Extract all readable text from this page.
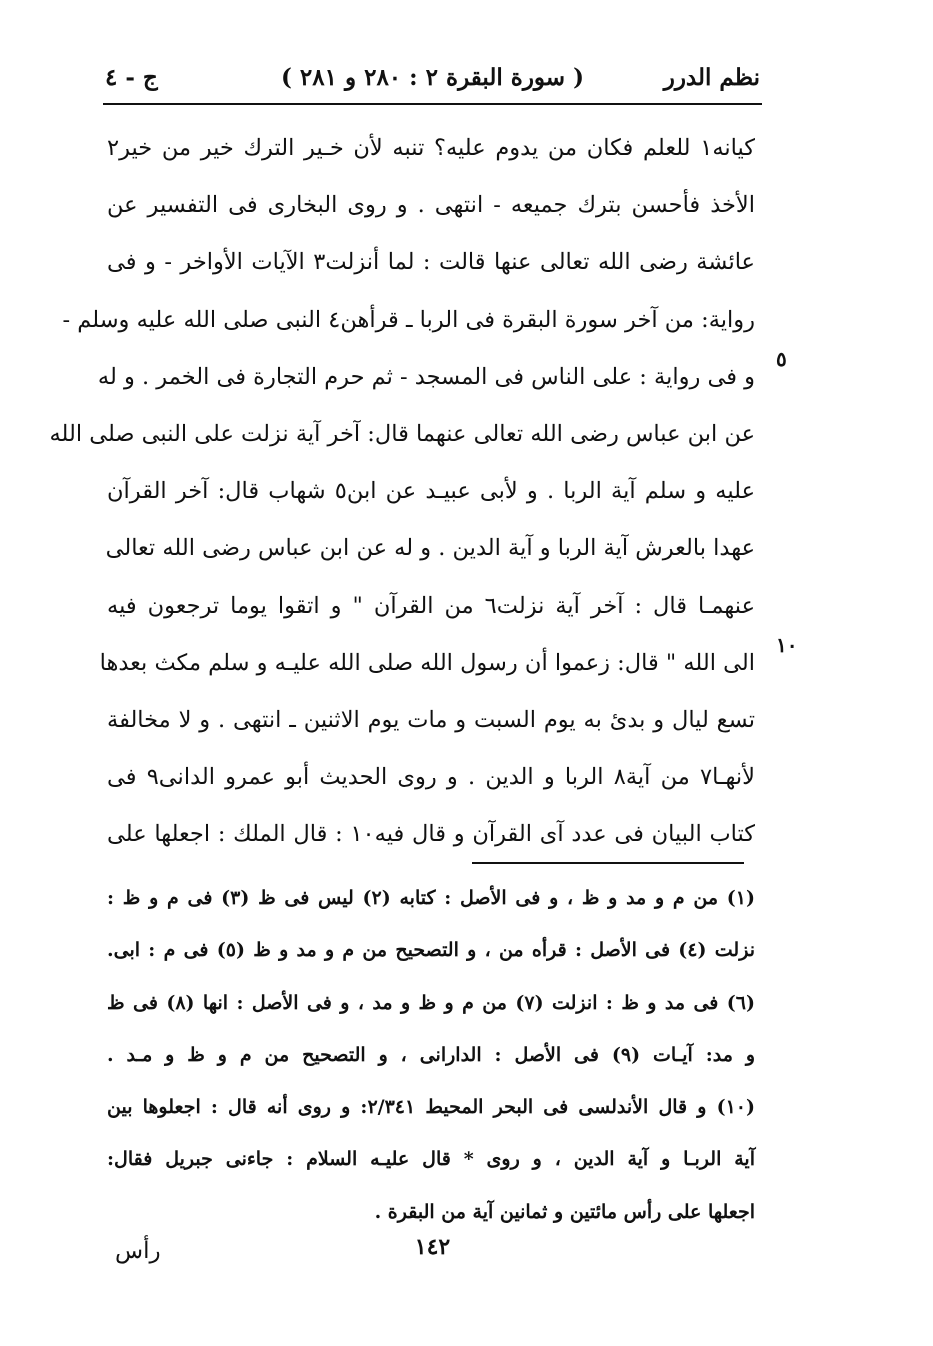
نظم الدرر
( سورة البقرة ٢ : ٢٨٠ و ٢٨١ )
ج - ٤
كيانه١ للعلم فكان من يدوم عليه؟ تنبه لأن خـير الترك خير من خير٢
الأخذ فأحسن بترك جميعه - انتهى . و روى البخارى فى التفسير عن
عائشة رضى الله تعالى عنها قالت : لما أنزلت٣ الآيات الأواخر - و فى
رواية: من آخر سورة البقرة فى الربا ـ قرأهن٤ النبى صلى الله عليه وسلم -
و فى رواية : على الناس فى المسجد - ثم حرم التجارة فى الخمر . و له
عن ابن عباس رضى الله تعالى عنهما قال: آخر آية نزلت على النبى صلى الله
عليه و سلم آية الربا . و لأبى عبيـد عن ابن٥ شهاب قال: آخر القرآن
عهدا بالعرش آية الربا و آية الدين . و له عن ابن عباس رضى الله تعالى
عنهمـا قال : آخر آية نزلت٦ من القرآن " و اتقوا يوما ترجعون فيه
الى الله " قال: زعموا أن رسول الله صلى الله عليـه و سلم مكث بعدها
تسع ليال و بدئ به يوم السبت و مات يوم الاثنين ـ انتهى . و لا مخالفة
لأنهـا٧ من آية٨ الربا و الدين . و روى الحديث أبو عمرو الدانى٩ فى
كتاب البيان فى عدد آى القرآن و قال فيه١٠ : قال الملك : اجعلها على
٥
١٠
(١) من م و مد و ظ ، و فى الأصل : كتابه (٢) ليس فى ظ (٣) فى م و ظ :
نزلت (٤) فى الأصل : قرأه من ، و التصحيح من م و مد و ظ (٥) فى م : ابى.
(٦) فى مد و ظ : انزلت (٧) من م و ظ و مد ، و فى الأصل : انها (٨) فى ظ
و مد: آيـات (٩) فى الأصل : الدارانى ، و التصحيح من م و ظ و مـد .
(١٠) و قال الأندلسى فى البحر المحيط ٢/٣٤١: و روى أنه قال : اجعلوها بين
آية الربـا و آية الدين ، و روى * قال عليـه السلام : جاءنى جبريل فقال:
اجعلها على رأس مائتين و ثمانين آية من البقرة .
١٤٢
رأس
